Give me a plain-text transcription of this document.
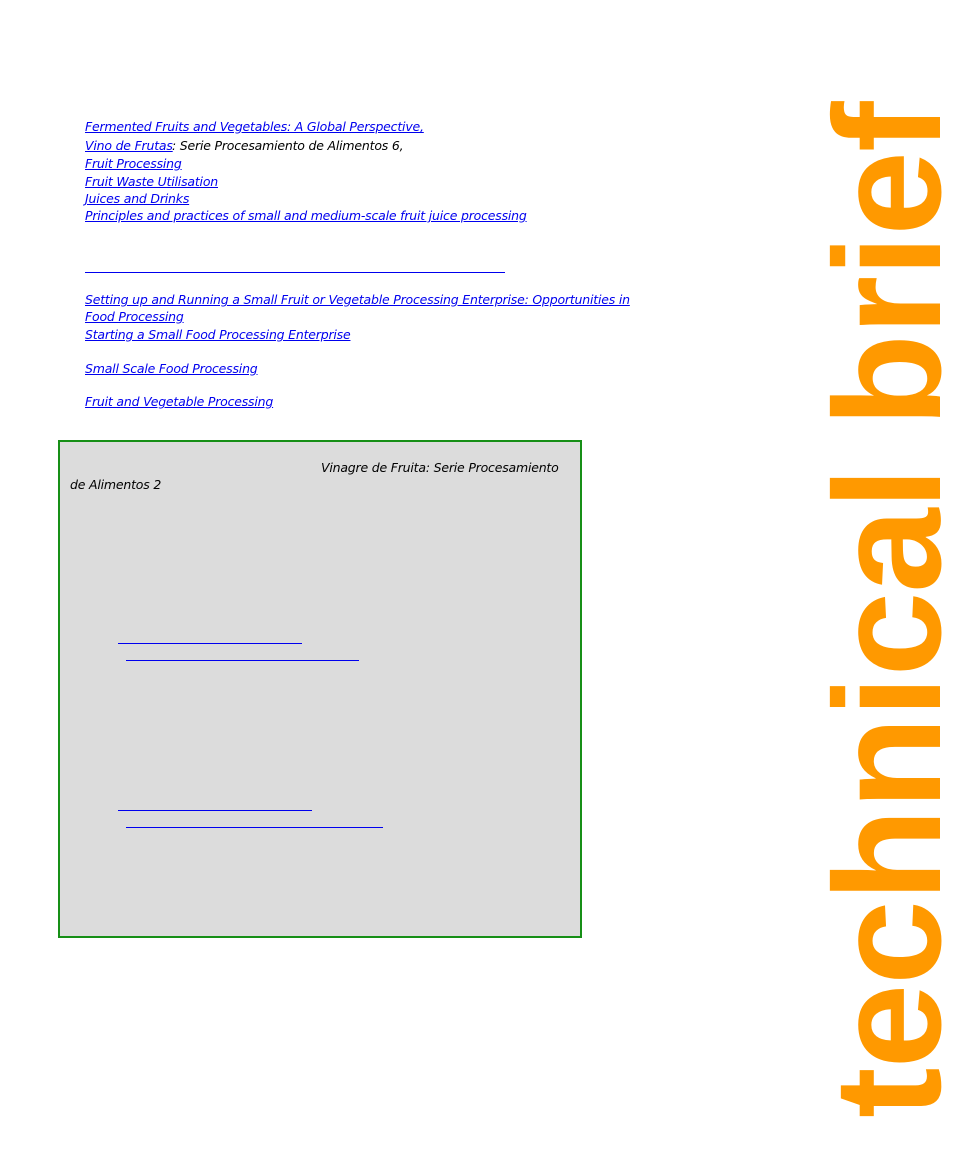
Fermented Fruits and Vegetables: A Global Perspective,
Vino de Frutas : Serie Procesamiento de Alimentos 6,
Fruit Processing
Fruit Waste Utilisation
Juices and Drinks
Principles and practices of small and medium-scale fruit juice processing
Setting up and Running a Small Fruit or Vegetable Processing Enterprise: Opportunities in
Food Processing
Starting a Small Food Processing Enterprise
Small Scale Food Processing
Fruit and Vegetable Processing
Vinagre de Fruita: Serie Procesamiento
de Alimentos 2	technical brief
